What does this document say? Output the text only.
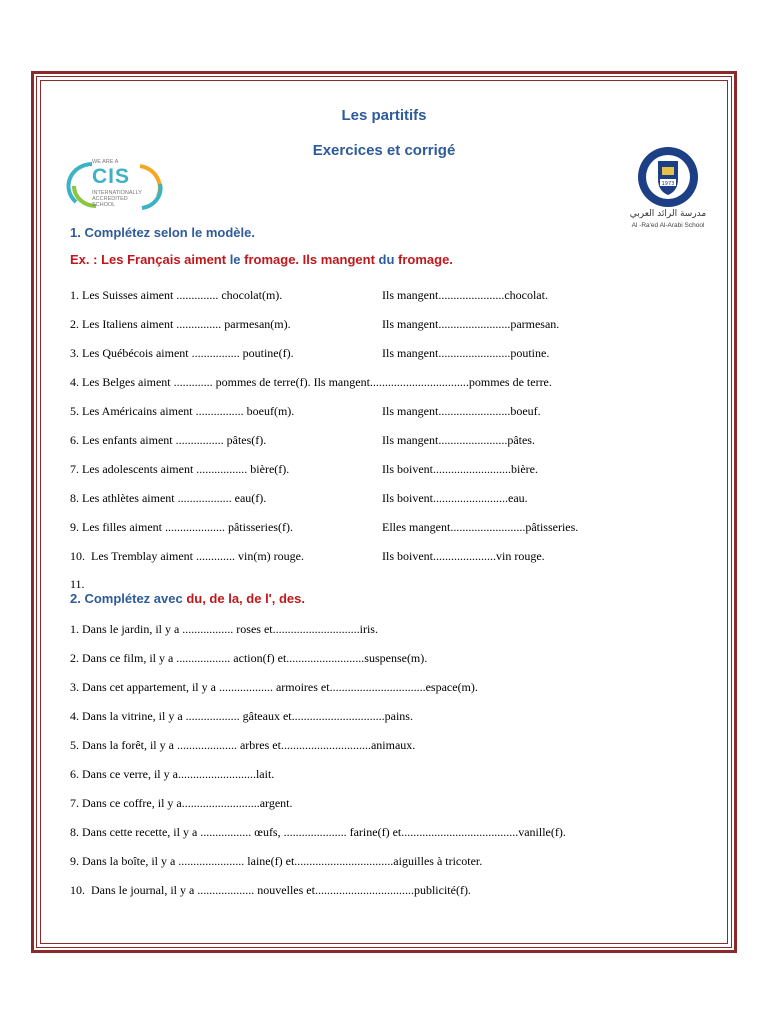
Les partitifs
Exercices et corrigé
WE ARE A
CIS
INTERNATIONALLY
ACCREDITED
SCHOOL
1973
مدرسة الرائد العربي
Al -Ra'ed Al-Arabi School
1. Complétez selon le modèle.
Ex. : Les Français aiment le fromage. Ils mangent du fromage.
1. Les Suisses aiment .............. chocolat(m).	Ils mangent......................chocolat.
2. Les Italiens aiment ............... parmesan(m).	Ils mangent........................parmesan.
3. Les Québécois aiment ................ poutine(f).	Ils mangent........................poutine.
4. Les Belges aiment ............. pommes de terre(f). Ils mangent.................................pommes de terre.
5. Les Américains aiment ................ boeuf(m).	Ils mangent........................boeuf.
6. Les enfants aiment ................ pâtes(f).	Ils mangent.......................pâtes.
7. Les adolescents aiment ................. bière(f).	Ils boivent..........................bière.
8. Les athlètes aiment .................. eau(f).	Ils boivent.........................eau.
9. Les filles aiment .................... pâtisseries(f).	Elles mangent.........................pâtisseries.
10.  Les Tremblay aiment ............. vin(m) rouge.	Ils boivent.....................vin rouge.
11.
2. Complétez avec du, de la, de l', des.
1. Dans le jardin, il y a ................. roses et.............................iris.
2. Dans ce film, il y a .................. action(f) et..........................suspense(m).
3. Dans cet appartement, il y a .................. armoires et................................espace(m).
4. Dans la vitrine, il y a .................. gâteaux et...............................pains.
5. Dans la forêt, il y a .................... arbres et..............................animaux.
6. Dans ce verre, il y a..........................lait.
7. Dans ce coffre, il y a..........................argent.
8. Dans cette recette, il y a ................. œufs, ..................... farine(f) et.......................................vanille(f).
9. Dans la boîte, il y a ...................... laine(f) et.................................aiguilles à tricoter.
10.  Dans le journal, il y a ................... nouvelles et.................................publicité(f).
